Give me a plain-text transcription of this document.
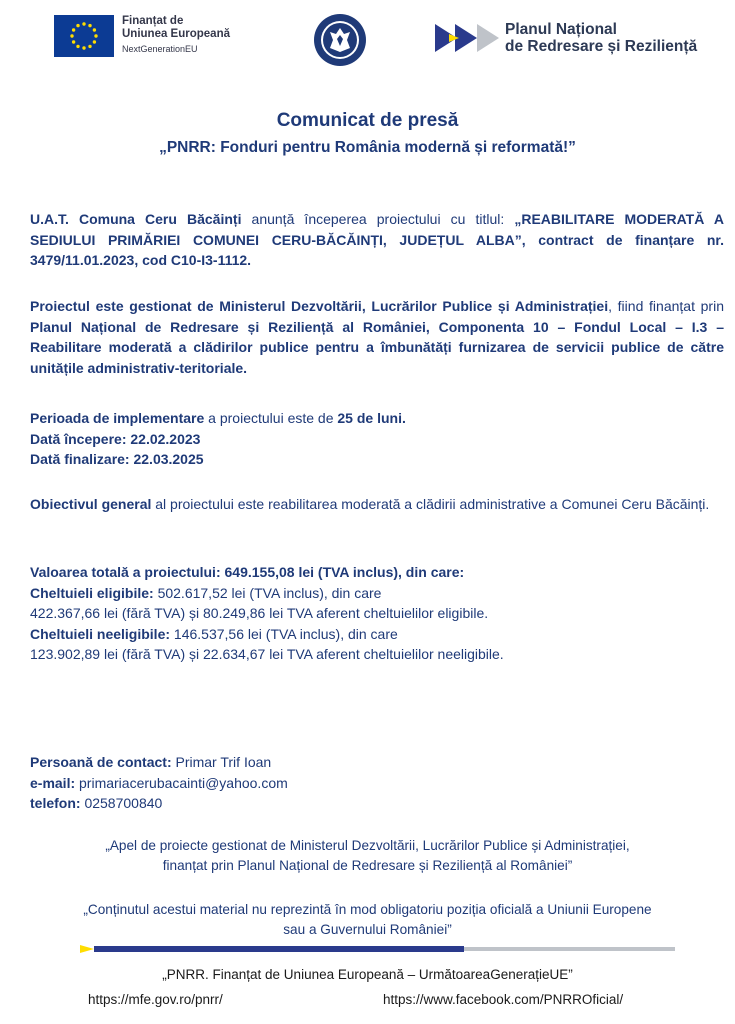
Finanțat de
Uniunea Europeană
NextGenerationEU
Planul Național
de Redresare și Reziliență
Comunicat de presă
„PNRR: Fonduri pentru România modernă și reformată!”
U.A.T. Comuna Ceru Băcăinți anunță începerea proiectului cu titlul: „REABILITARE MODERATĂ A SEDIULUI PRIMĂRIEI COMUNEI CERU-BĂCĂINȚI, JUDEȚUL ALBA”, contract de finanțare nr. 3479/11.01.2023, cod C10-I3-1112.
Proiectul este gestionat de Ministerul Dezvoltării, Lucrărilor Publice și Administrației, fiind finanțat prin Planul Național de Redresare și Reziliență al României, Componenta 10 – Fondul Local – I.3 – Reabilitare moderată a clădirilor publice pentru a îmbunătăți furnizarea de servicii publice de către unitățile administrativ-teritoriale.
Perioada de implementare a proiectului este de 25 de luni.
Dată începere: 22.02.2023
Dată finalizare: 22.03.2025
Obiectivul general al proiectului este reabilitarea moderată a clădirii administrative a Comunei Ceru Băcăinți.
Valoarea totală a proiectului: 649.155,08 lei (TVA inclus), din care:
Cheltuieli eligibile: 502.617,52 lei (TVA inclus), din care
422.367,66 lei (fără TVA) și 80.249,86 lei TVA aferent cheltuielilor eligibile.
Cheltuieli neeligibile: 146.537,56 lei (TVA inclus), din care
123.902,89 lei (fără TVA) și 22.634,67 lei TVA aferent cheltuielilor neeligibile.
Persoană de contact: Primar Trif Ioan
e-mail: primariacerubacainti@yahoo.com
telefon: 0258700840
„Apel de proiecte gestionat de Ministerul Dezvoltării, Lucrărilor Publice și Administrației,
finanțat prin Planul Național de Redresare și Reziliență al României”
„Conținutul acestui material nu reprezintă în mod obligatoriu poziția oficială a Uniunii Europene
sau a Guvernului României”
„PNRR. Finanțat de Uniunea Europeană – UrmătoareaGenerațieUE”
https://mfe.gov.ro/pnrr/	https://www.facebook.com/PNRROficial/
